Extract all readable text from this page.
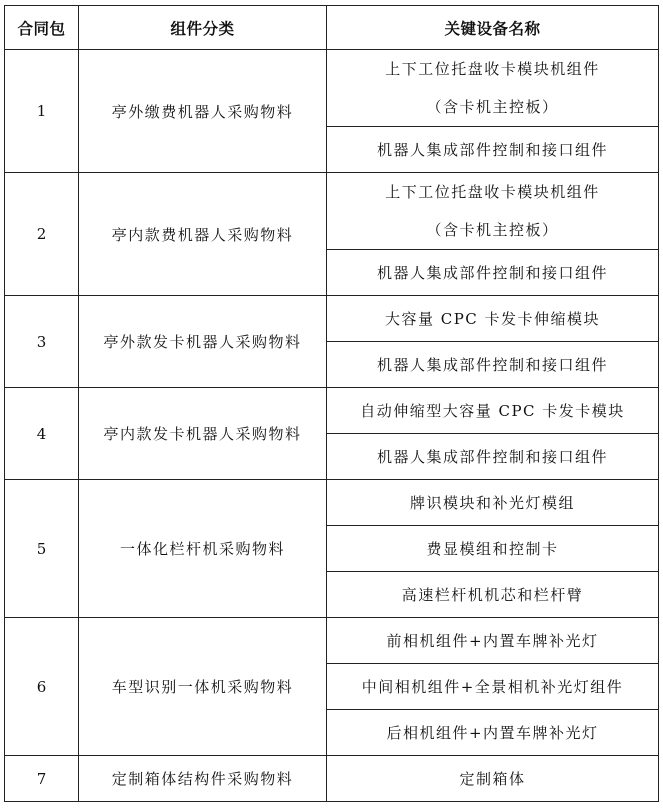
合同包	组件分类	关键设备名称
1	亭外缴费机器人采购物料	上下工位托盘收卡模块机组件
（含卡机主控板）

		机器人集成部件控制和接口组件
2	亭内款费机器人采购物料	上下工位托盘收卡模块机组件
（含卡机主控板）

		机器人集成部件控制和接口组件
3	亭外款发卡机器人采购物料	大容量 CPC 卡发卡伸缩模块
		机器人集成部件控制和接口组件
4	亭内款发卡机器人采购物料	自动伸缩型大容量 CPC 卡发卡模块
		机器人集成部件控制和接口组件
5	一体化栏杆机采购物料	牌识模块和补光灯模组
		费显模组和控制卡
		高速栏杆机机芯和栏杆臂
6	车型识别一体机采购物料	前相机组件+内置车牌补光灯
		中间相机组件+全景相机补光灯组件
		后相机组件+内置车牌补光灯
7	定制箱体结构件采购物料	定制箱体
